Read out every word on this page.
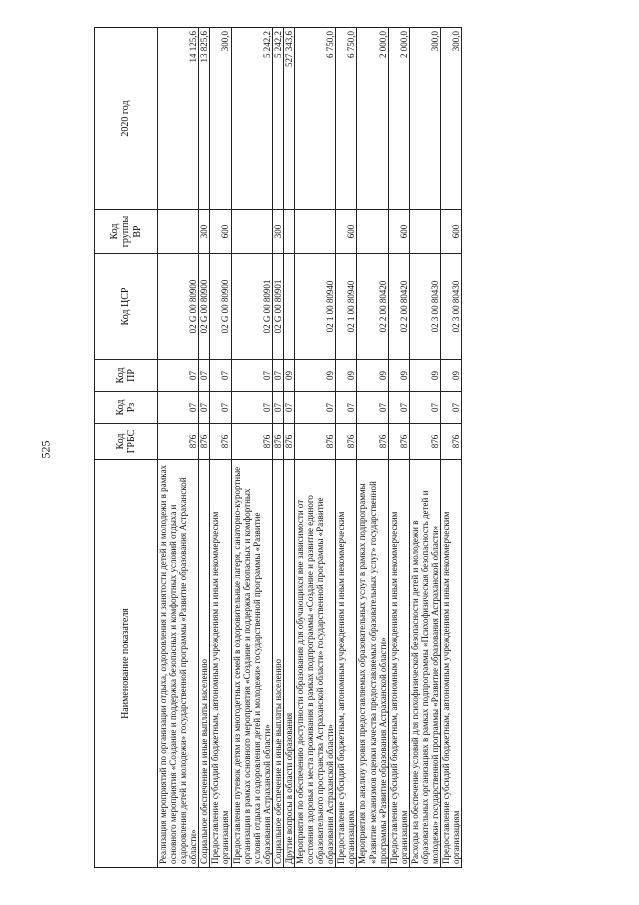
525
Наименование показателя	Код ГРБС	Код Рз	Код ПР	Код ЦСР	Код группы ВР	2020 год
Реализация мероприятий по организации отдыха, оздоровления и занятости детей и молодежи в рамках основного мероприятия «Создание и поддержка безопасных и комфортных условий отдыха и оздоровления детей и молодежи» государственной программы «Развитие образования Астраханской области»	876	07	07	02 G 00 80900		14 125,6
Социальное обеспечение и иные выплаты населению	876	07	07	02 G 00 80900	300	13 825,6
Предоставление субсидий бюджетным, автономным учреждениям и иным некоммерческим организациям	876	07	07	02 G 00 80900	600	300,0
Предоставление путевок детям из многодетных семей в оздоровительные лагеря, санаторно-курортные организации в рамках основного мероприятия «Создание и поддержка безопасных и комфортных условий отдыха и оздоровления детей и молодежи» государственной программы «Развитие образования Астраханской области»	876	07	07	02 G 00 80901		5 242,2
Социальное обеспечение и иные выплаты населению	876	07	07	02 G 00 80901	300	5 242,2
Другие вопросы в области образования	876	07	09			527 343,6
Мероприятия по обеспечению доступности образования для обучающихся вне зависимости от состояния здоровья и места проживания в рамках подпрограммы «Создание и развитие единого образовательного пространства Астраханской области» государственной программы «Развитие образования Астраханской области»	876	07	09	02 1 00 80940		6 750,0
Предоставление субсидий бюджетным, автономным учреждениям и иным некоммерческим организациям	876	07	09	02 1 00 80940	600	6 750,0
Мероприятия по анализу уровня предоставляемых образовательных услуг в рамках подпрограммы «Развитие механизмов оценки качества предоставляемых образовательных услуг» государственной программы «Развитие образования Астраханской области»	876	07	09	02 2 00 80420		2 000,0
Предоставление субсидий бюджетным, автономным учреждениям и иным некоммерческим организациям	876	07	09	02 2 00 80420	600	2 000,0
Расходы на обеспечение условий для психофизической безопасности детей и молодежи в образовательных организациях в рамках подпрограммы «Психофизическая безопасность детей и молодежи» государственной программы «Развитие образования Астраханской области»	876	07	09	02 3 00 80430		300,0
Предоставление субсидий бюджетным, автономным учреждениям и иным некоммерческим организациям	876	07	09	02 3 00 80430	600	300,0
